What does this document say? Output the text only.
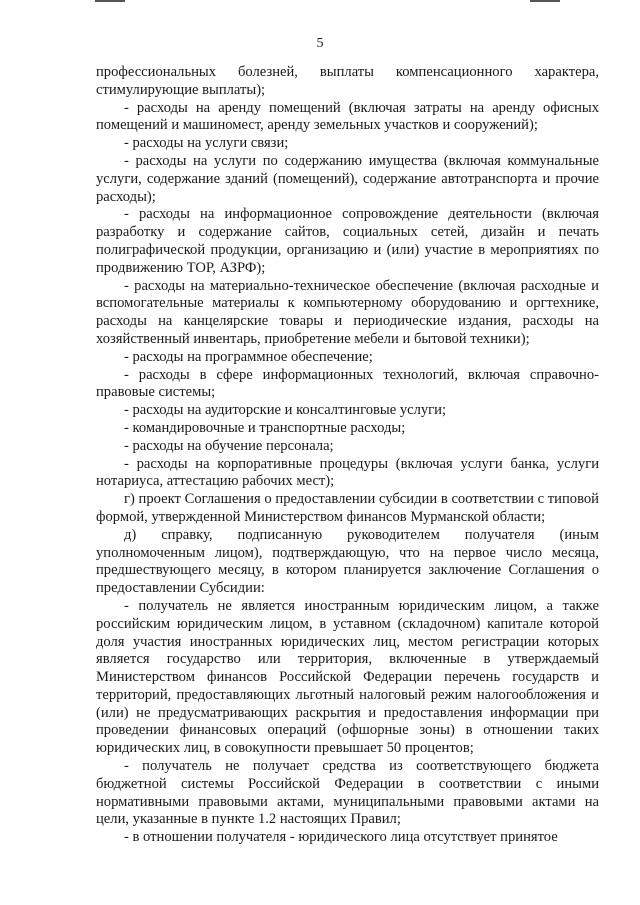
5

профессиональных болезней, выплаты компенсационного характера, стимулирующие выплаты);

- расходы на аренду помещений (включая затраты на аренду офисных помещений и машиномест, аренду земельных участков и сооружений);

- расходы на услуги связи;

- расходы на услуги по содержанию имущества (включая коммунальные услуги, содержание зданий (помещений), содержание автотранспорта и прочие расходы);

- расходы на информационное сопровождение деятельности (включая разработку и содержание сайтов, социальных сетей, дизайн и печать полиграфической продукции, организацию и (или) участие в мероприятиях по продвижению ТОР, АЗРФ);

- расходы на материально-техническое обеспечение (включая расходные и вспомогательные материалы к компьютерному оборудованию и оргтехнике, расходы на канцелярские товары и периодические издания, расходы на хозяйственный инвентарь, приобретение мебели и бытовой техники);

- расходы на программное обеспечение;

- расходы в сфере информационных технологий, включая справочно-правовые системы;

- расходы на аудиторские и консалтинговые услуги;

- командировочные и транспортные расходы;

- расходы на обучение персонала;

- расходы на корпоративные процедуры (включая услуги банка, услуги нотариуса, аттестацию рабочих мест);

г) проект Соглашения о предоставлении субсидии в соответствии с типовой формой, утвержденной Министерством финансов Мурманской области;

д) справку, подписанную руководителем получателя (иным уполномоченным лицом), подтверждающую, что на первое число месяца, предшествующего месяцу, в котором планируется заключение Соглашения о предоставлении Субсидии:

- получатель не является иностранным юридическим лицом, а также российским юридическим лицом, в уставном (складочном) капитале которой доля участия иностранных юридических лиц, местом регистрации которых является государство или территория, включенные в утверждаемый Министерством финансов Российской Федерации перечень государств и территорий, предоставляющих льготный налоговый режим налогообложения и (или) не предусматривающих раскрытия и предоставления информации при проведении финансовых операций (офшорные зоны) в отношении таких юридических лиц, в совокупности превышает 50 процентов;

- получатель не получает средства из соответствующего бюджета бюджетной системы Российской Федерации в соответствии с иными нормативными правовыми актами, муниципальными правовыми актами на цели, указанные в пункте 1.2 настоящих Правил;

- в отношении получателя - юридического лица отсутствует принятое
